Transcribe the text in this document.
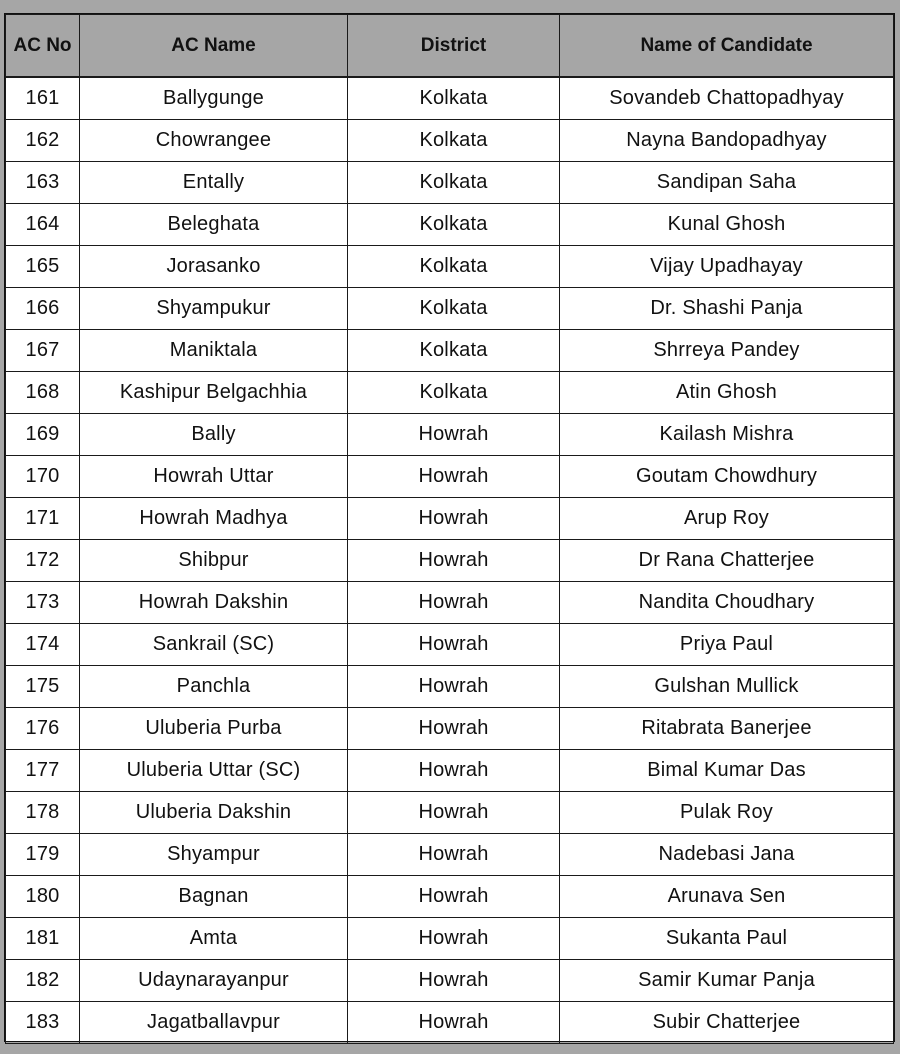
AC No	AC Name	District	Name of Candidate
161	Ballygunge	Kolkata	Sovandeb Chattopadhyay
162	Chowrangee	Kolkata	Nayna Bandopadhyay
163	Entally	Kolkata	Sandipan Saha
164	Beleghata	Kolkata	Kunal Ghosh
165	Jorasanko	Kolkata	Vijay Upadhayay
166	Shyampukur	Kolkata	Dr. Shashi Panja
167	Maniktala	Kolkata	Shrreya Pandey
168	Kashipur Belgachhia	Kolkata	Atin Ghosh
169	Bally	Howrah	Kailash Mishra
170	Howrah Uttar	Howrah	Goutam Chowdhury
171	Howrah Madhya	Howrah	Arup Roy
172	Shibpur	Howrah	Dr Rana Chatterjee
173	Howrah Dakshin	Howrah	Nandita Choudhary
174	Sankrail (SC)	Howrah	Priya Paul
175	Panchla	Howrah	Gulshan Mullick
176	Uluberia Purba	Howrah	Ritabrata Banerjee
177	Uluberia Uttar (SC)	Howrah	Bimal Kumar Das
178	Uluberia Dakshin	Howrah	Pulak Roy
179	Shyampur	Howrah	Nadebasi Jana
180	Bagnan	Howrah	Arunava Sen
181	Amta	Howrah	Sukanta Paul
182	Udaynarayanpur	Howrah	Samir Kumar Panja
183	Jagatballavpur	Howrah	Subir Chatterjee
